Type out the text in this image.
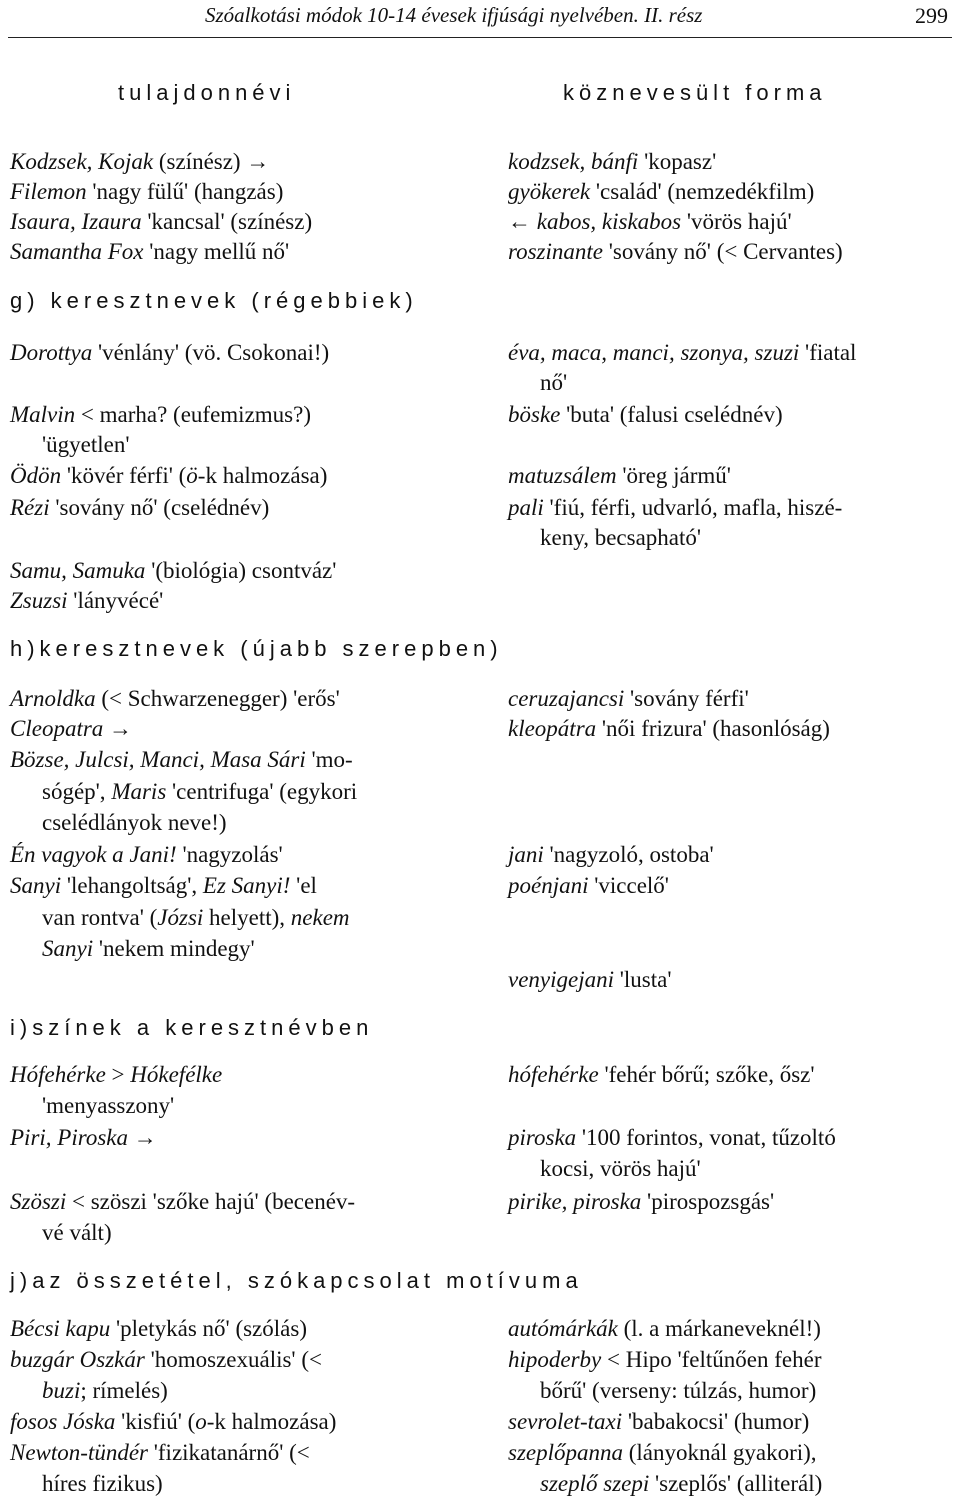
Szóalkotási módok 10-14 évesek ifjúsági nyelvében. II. rész	299
tulajdonnévi	köznevesült forma
Kodzsek, Kojak (színész) →
Filemon 'nagy fülű' (hangzás)
Isaura, Izaura 'kancsal' (színész)
Samantha Fox 'nagy mellű nő'
kodzsek, bánfi 'kopasz'
gyökerek 'család' (nemzedékfilm)
← kabos, kiskabos 'vörös hajú'
roszinante 'sovány nő' (< Cervantes)
g) keresztnevek (régebbiek)
Dorottya 'vénlány' (vö. Csokonai!)
Malvin < marha? (eufemizmus?)
'ügyetlen'
Ödön 'kövér férfi' (ö-k halmozása)
Rézi 'sovány nő' (cselédnév)
Samu, Samuka '(biológia) csontváz'
Zsuzsi 'lányvécé'
éva, maca, manci, szonya, szuzi 'fiatal
nő'
böske 'buta' (falusi cselédnév)
matuzsálem 'öreg jármű'
pali 'fiú, férfi, udvarló, mafla, hiszé-
keny, becsapható'
h)keresztnevek (újabb szerepben)
Arnoldka (< Schwarzenegger) 'erős'
Cleopatra →
Bözse, Julcsi, Manci, Masa Sári 'mo-
sógép', Maris 'centrifuga' (egykori
cselédlányok neve!)
Én vagyok a Jani! 'nagyzolás'
Sanyi 'lehangoltság', Ez Sanyi! 'el
van rontva' (Józsi helyett), nekem
Sanyi 'nekem mindegy'
ceruzajancsi 'sovány férfi'
kleopátra 'női frizura' (hasonlóság)
jani 'nagyzoló, ostoba'
poénjani 'viccelő'
venyigejani 'lusta'
i)színek a keresztnévben
Hófehérke > Hókefélke
'menyasszony'
Piri, Piroska →
Szöszi < szöszi 'szőke hajú' (becenév-
vé vált)
hófehérke 'fehér bőrű; szőke, ősz'
piroska '100 forintos, vonat, tűzoltó
kocsi, vörös hajú'
pirike, piroska 'pirospozsgás'
j)az összetétel, szókapcsolat motívuma
Bécsi kapu 'pletykás nő' (szólás)
buzgár Oszkár 'homoszexuális' (<
buzi; rímelés)
fosos Jóska 'kisfiú' (o-k halmozása)
Newton-tündér 'fizikatanárnő' (<
híres fizikus)
autómárkák (l. a márkaneveknél!)
hipoderby < Hipo 'feltűnően fehér
bőrű' (verseny: túlzás, humor)
sevrolet-taxi 'babakocsi' (humor)
szeplőpanna (lányoknál gyakori),
szeplő szepi 'szeplős' (alliterál)
